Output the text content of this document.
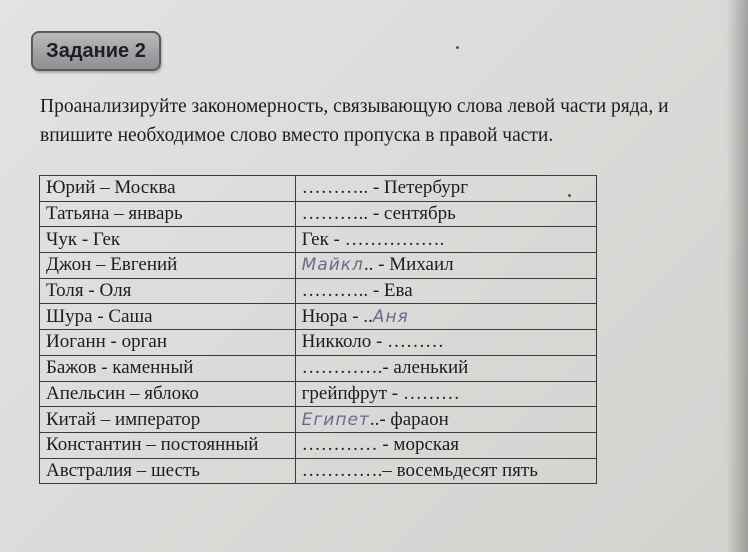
Задание 2

Проанализируйте закономерность, связывающую слова левой части ряда, и
впишите необходимое слово вместо пропуска в правой части.

Юрий – Москва	……….. - Петербург
Татьяна – январь	……….. - сентябрь
Чук - Гек	Гек - …………….
Джон – Евгений	Майкл.. - Михаил
Толя - Оля	……….. - Ева
Шура - Саша	Нюра - ..Аня
Иоганн - орган	Никколо - ………
Бажов - каменный	………….- аленький
Апельсин – яблоко	грейпфрут - ………
Китай – император	Египет..- фараон
Константин – постоянный	………… - морская
Австралия – шесть	………….– восемьдесят пять
